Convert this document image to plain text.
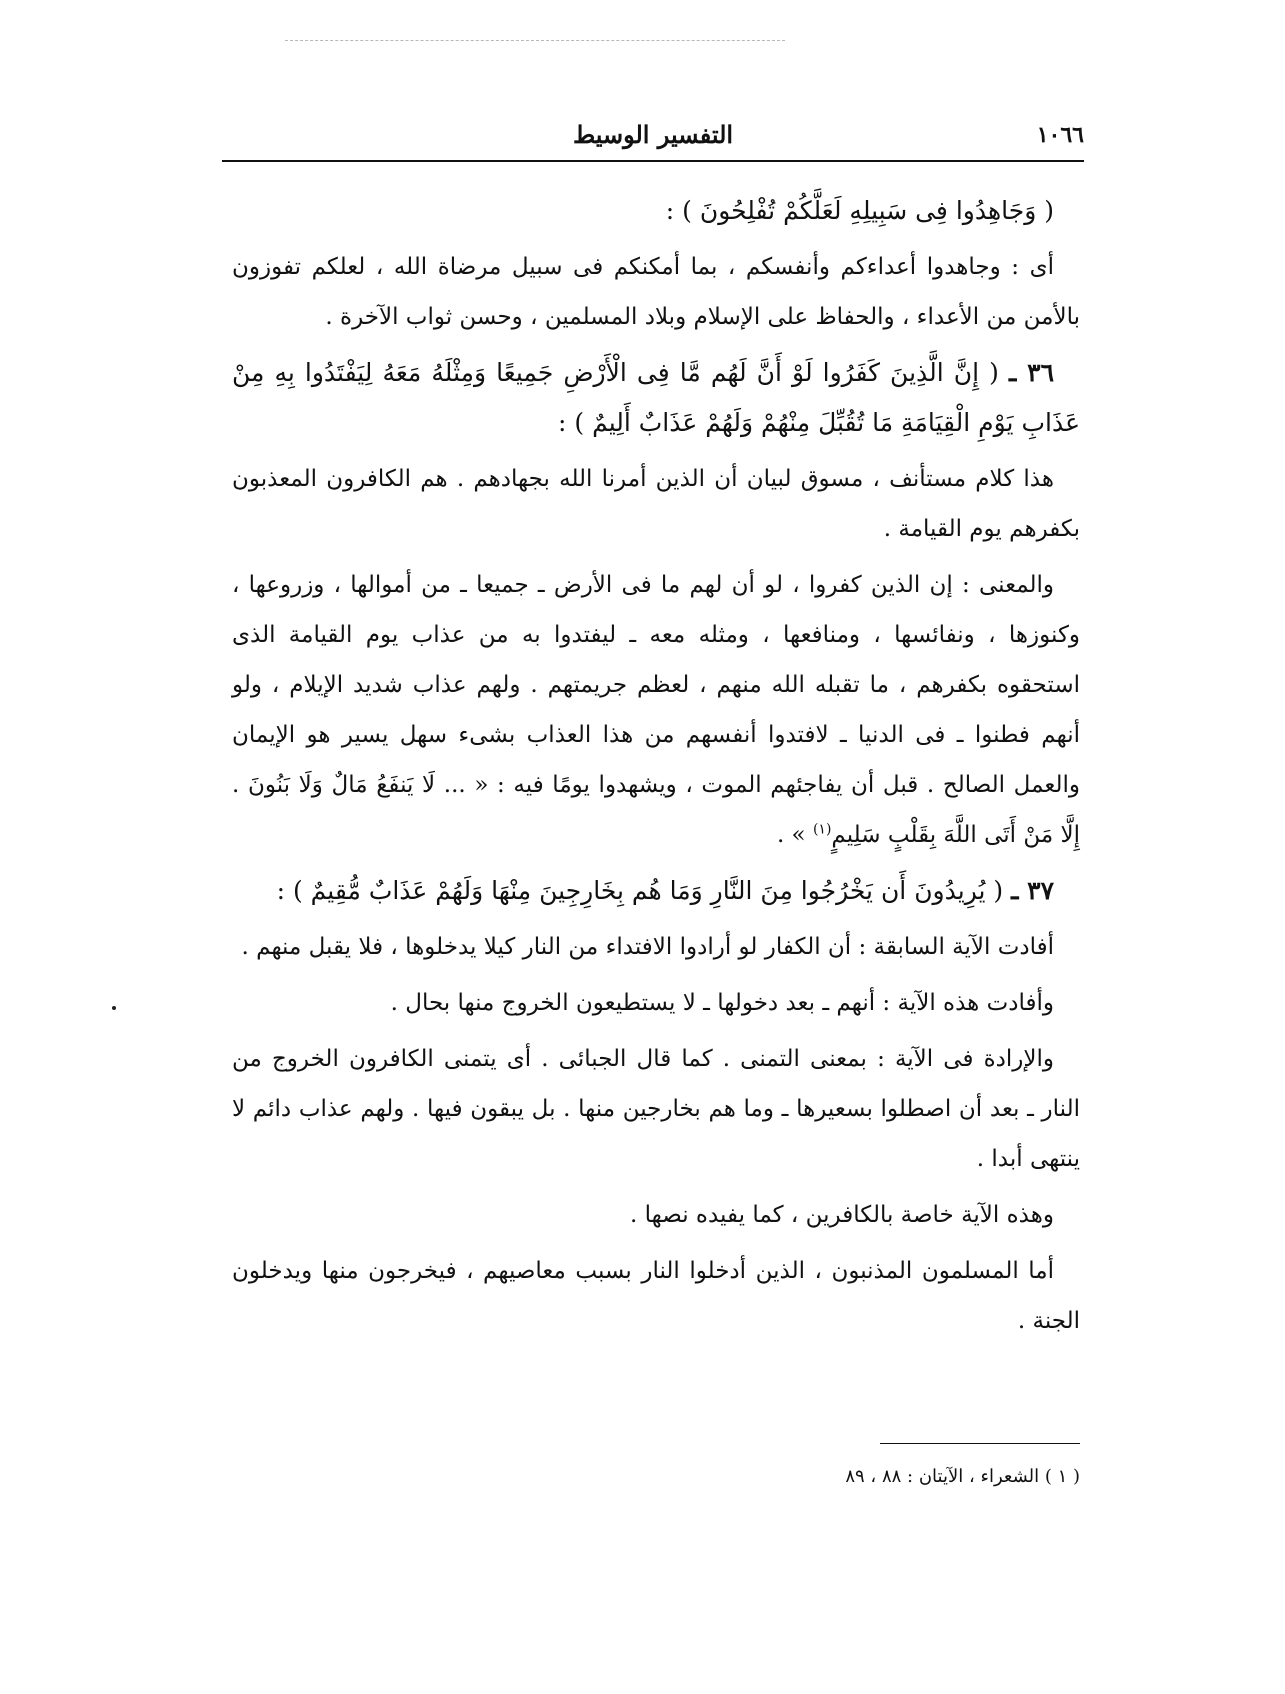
١٠٦٦
التفسير الوسيط

( وَجَاهِدُوا فِى سَبِيلِهِ لَعَلَّكُمْ تُفْلِحُونَ ) :

أى : وجاهدوا أعداءكم وأنفسكم ، بما أمكنكم فى سبيل مرضاة الله ، لعلكم تفوزون بالأمن من الأعداء ، والحفاظ على الإسلام وبلاد المسلمين ، وحسن ثواب الآخرة .

٣٦ ـ ( إِنَّ الَّذِينَ كَفَرُوا لَوْ أَنَّ لَهُم مَّا فِى الْأَرْضِ جَمِيعًا وَمِثْلَهُ مَعَهُ لِيَفْتَدُوا بِهِ مِنْ عَذَابِ يَوْمِ الْقِيَامَةِ مَا تُقُبِّلَ مِنْهُمْ وَلَهُمْ عَذَابٌ أَلِيمٌ ) :

هذا كلام مستأنف ، مسوق لبيان أن الذين أمرنا الله بجهادهم . هم الكافرون المعذبون بكفرهم يوم القيامة .

والمعنى : إن الذين كفروا ، لو أن لهم ما فى الأرض ـ جميعا ـ من أموالها ، وزروعها ، وكنوزها ، ونفائسها ، ومنافعها ، ومثله معه ـ ليفتدوا به من عذاب يوم القيامة الذى استحقوه بكفرهم ، ما تقبله الله منهم ، لعظم جريمتهم . ولهم عذاب شديد الإيلام ، ولو أنهم فطنوا ـ فى الدنيا ـ لافتدوا أنفسهم من هذا العذاب بشىء سهل يسير هو الإيمان والعمل الصالح . قبل أن يفاجئهم الموت ، ويشهدوا يومًا فيه : « ... لَا يَنفَعُ مَالٌ وَلَا بَنُونَ . إِلَّا مَنْ أَتَى اللَّهَ بِقَلْبٍ سَلِيمٍ$^{(١)}$ » .

٣٧ ـ ( يُرِيدُونَ أَن يَخْرُجُوا مِنَ النَّارِ وَمَا هُم بِخَارِجِينَ مِنْهَا وَلَهُمْ عَذَابٌ مُّقِيمٌ ) :

أفادت الآية السابقة : أن الكفار لو أرادوا الافتداء من النار كيلا يدخلوها ، فلا يقبل منهم .

وأفادت هذه الآية : أنهم ـ بعد دخولها ـ لا يستطيعون الخروج منها بحال .

والإرادة فى الآية : بمعنى التمنى . كما قال الجبائى . أى يتمنى الكافرون الخروج من النار ـ بعد أن اصطلوا بسعيرها ـ وما هم بخارجين منها . بل يبقون فيها . ولهم عذاب دائم لا ينتهى أبدا .

وهذه الآية خاصة بالكافرين ، كما يفيده نصها .

أما المسلمون المذنبون ، الذين أدخلوا النار بسبب معاصيهم ، فيخرجون منها ويدخلون الجنة .

( ١ ) الشعراء ، الآيتان : ٨٨ ، ٨٩
